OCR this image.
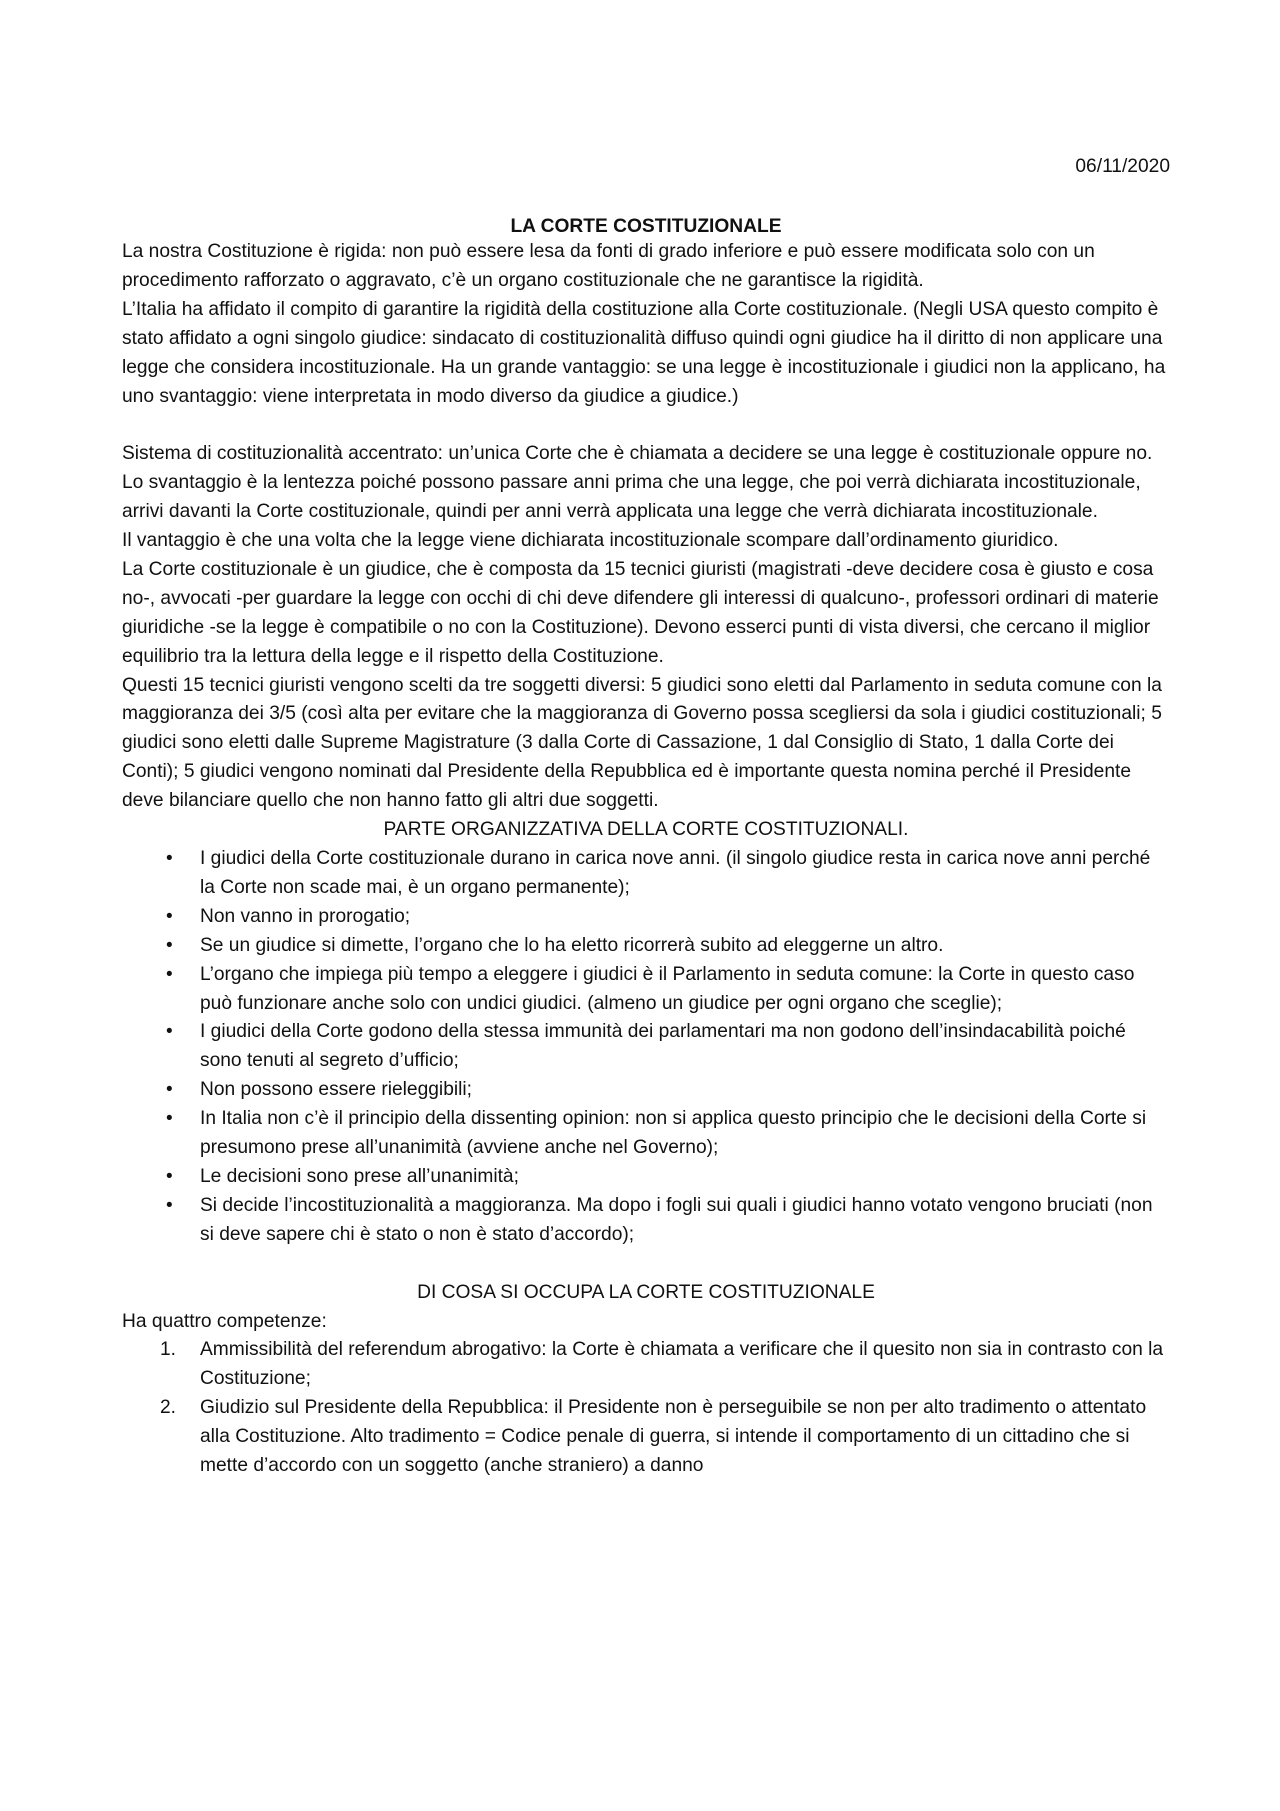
06/11/2020
LA CORTE COSTITUZIONALE

La nostra Costituzione è rigida: non può essere lesa da fonti di grado inferiore e può essere modificata solo con un procedimento rafforzato o aggravato, c’è un organo costituzionale che ne garantisce la rigidità.

L’Italia ha affidato il compito di garantire la rigidità della costituzione alla Corte costituzionale. (Negli USA questo compito è stato affidato a ogni singolo giudice: sindacato di costituzionalità diffuso quindi ogni giudice ha il diritto di non applicare una legge che considera incostituzionale. Ha un grande vantaggio: se una legge è incostituzionale i giudici non la applicano, ha uno svantaggio: viene interpretata in modo diverso da giudice a giudice.)

Sistema di costituzionalità accentrato: un’unica Corte che è chiamata a decidere se una legge è costituzionale oppure no.

Lo svantaggio è la lentezza poiché possono passare anni prima che una legge, che poi verrà dichiarata incostituzionale, arrivi davanti la Corte costituzionale, quindi per anni verrà applicata una legge che verrà dichiarata incostituzionale.

Il vantaggio è che una volta che la legge viene dichiarata incostituzionale scompare dall’ordinamento giuridico.

La Corte costituzionale è un giudice, che è composta da 15 tecnici giuristi (magistrati -deve decidere cosa è giusto e cosa no-, avvocati -per guardare la legge con occhi di chi deve difendere gli interessi di qualcuno-, professori ordinari di materie giuridiche -se la legge è compatibile o no con la Costituzione). Devono esserci punti di vista diversi, che cercano il miglior equilibrio tra la lettura della legge e il rispetto della Costituzione.

Questi 15 tecnici giuristi vengono scelti da tre soggetti diversi: 5 giudici sono eletti dal Parlamento in seduta comune con la maggioranza dei 3/5 (così alta per evitare che la maggioranza di Governo possa scegliersi da sola i giudici costituzionali; 5 giudici sono eletti dalle Supreme Magistrature (3 dalla Corte di Cassazione, 1 dal Consiglio di Stato, 1 dalla Corte dei Conti); 5 giudici vengono nominati dal Presidente della Repubblica ed è importante questa nomina perché il Presidente deve bilanciare quello che non hanno fatto gli altri due soggetti.

PARTE ORGANIZZATIVA DELLA CORTE COSTITUZIONALI.

• I giudici della Corte costituzionale durano in carica nove anni. (il singolo giudice resta in carica nove anni perché la Corte non scade mai, è un organo permanente);
• Non vanno in prorogatio;
• Se un giudice si dimette, l’organo che lo ha eletto ricorrerà subito ad eleggerne un altro.
• L’organo che impiega più tempo a eleggere i giudici è il Parlamento in seduta comune: la Corte in questo caso può funzionare anche solo con undici giudici. (almeno un giudice per ogni organo che sceglie);
• I giudici della Corte godono della stessa immunità dei parlamentari ma non godono dell’insindacabilità poiché sono tenuti al segreto d’ufficio;
• Non possono essere rieleggibili;
• In Italia non c’è il principio della dissenting opinion: non si applica questo principio che le decisioni della Corte si presumono prese all’unanimità (avviene anche nel Governo);
• Le decisioni sono prese all’unanimità;
• Si decide l’incostituzionalità a maggioranza. Ma dopo i fogli sui quali i giudici hanno votato vengono bruciati (non si deve sapere chi è stato o non è stato d’accordo);

DI COSA SI OCCUPA LA CORTE COSTITUZIONALE

Ha quattro competenze:

1. Ammissibilità del referendum abrogativo: la Corte è chiamata a verificare che il quesito non sia in contrasto con la Costituzione;
2. Giudizio sul Presidente della Repubblica: il Presidente non è perseguibile se non per alto tradimento o attentato alla Costituzione. Alto tradimento = Codice penale di guerra, si intende il comportamento di un cittadino che si mette d’accordo con un soggetto (anche straniero) a danno
